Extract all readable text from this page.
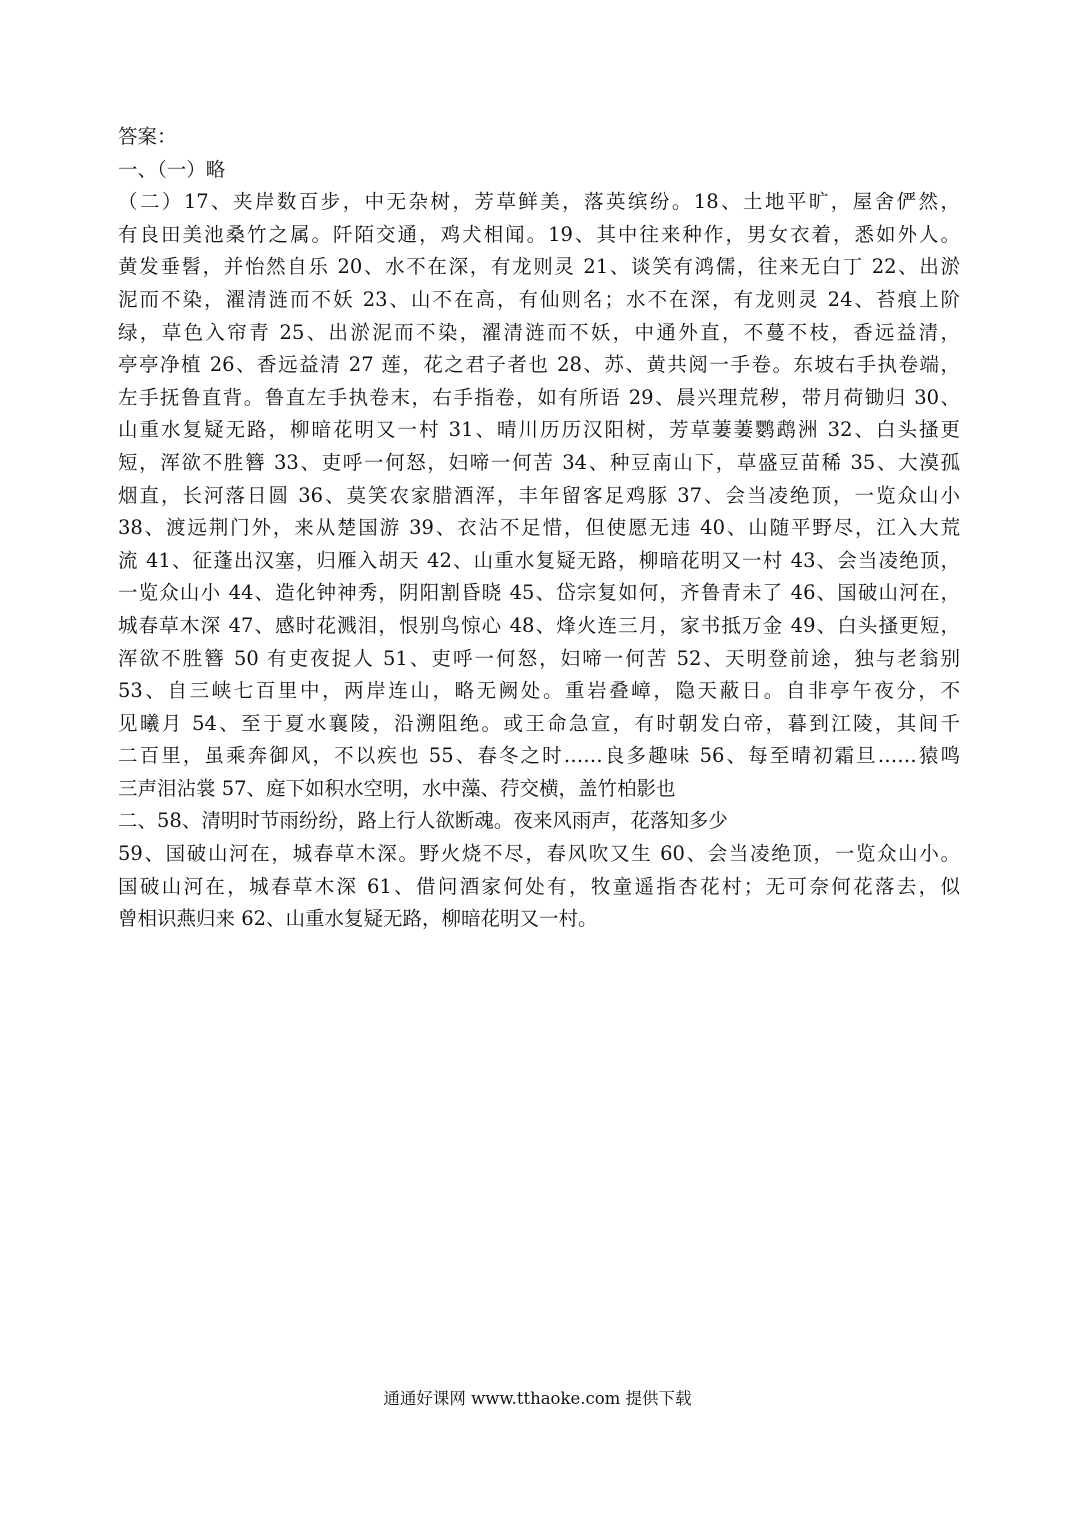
答案：
一、（一）略
（二）17、夹岸数百步，中无杂树，芳草鲜美，落英缤纷。18、土地平旷，屋舍俨然，
有良田美池桑竹之属。阡陌交通，鸡犬相闻。19、其中往来种作，男女衣着，悉如外人。
黄发垂髫，并怡然自乐 20、水不在深，有龙则灵 21、谈笑有鸿儒，往来无白丁 22、出淤
泥而不染，濯清涟而不妖 23、山不在高，有仙则名；水不在深，有龙则灵 24、苔痕上阶
绿，草色入帘青 25、出淤泥而不染，濯清涟而不妖，中通外直，不蔓不枝，香远益清，
亭亭净植 26、香远益清 27 莲，花之君子者也 28、苏、黄共阅一手卷。东坡右手执卷端，
左手抚鲁直背。鲁直左手执卷末，右手指卷，如有所语 29、晨兴理荒秽，带月荷锄归 30、
山重水复疑无路，柳暗花明又一村 31、晴川历历汉阳树，芳草萋萋鹦鹉洲 32、白头搔更
短，浑欲不胜簪 33、吏呼一何怒，妇啼一何苦 34、种豆南山下，草盛豆苗稀 35、大漠孤
烟直，长河落日圆 36、莫笑农家腊酒浑，丰年留客足鸡豚 37、会当凌绝顶，一览众山小
38、渡远荆门外，来从楚国游 39、衣沾不足惜，但使愿无违 40、山随平野尽，江入大荒
流 41、征蓬出汉塞，归雁入胡天 42、山重水复疑无路，柳暗花明又一村 43、会当凌绝顶，
一览众山小 44、造化钟神秀，阴阳割昏晓 45、岱宗复如何，齐鲁青未了 46、国破山河在，
城春草木深 47、感时花溅泪，恨别鸟惊心 48、烽火连三月，家书抵万金 49、白头搔更短，
浑欲不胜簪 50 有吏夜捉人 51、吏呼一何怒，妇啼一何苦 52、天明登前途，独与老翁别
53、自三峡七百里中，两岸连山，略无阙处。重岩叠嶂，隐天蔽日。自非亭午夜分，不
见曦月 54、至于夏水襄陵，沿溯阻绝。或王命急宣，有时朝发白帝，暮到江陵，其间千
二百里，虽乘奔御风，不以疾也 55、春冬之时……良多趣味 56、每至晴初霜旦……猿鸣
三声泪沾裳 57、庭下如积水空明，水中藻、荇交横，盖竹柏影也
二、58、清明时节雨纷纷，路上行人欲断魂。夜来风雨声，花落知多少
59、国破山河在，城春草木深。野火烧不尽，春风吹又生 60、会当凌绝顶，一览众山小。
国破山河在，城春草木深 61、借问酒家何处有，牧童遥指杏花村；无可奈何花落去，似
曾相识燕归来 62、山重水复疑无路，柳暗花明又一村。
通通好课网 www.tthaoke.com 提供下载
